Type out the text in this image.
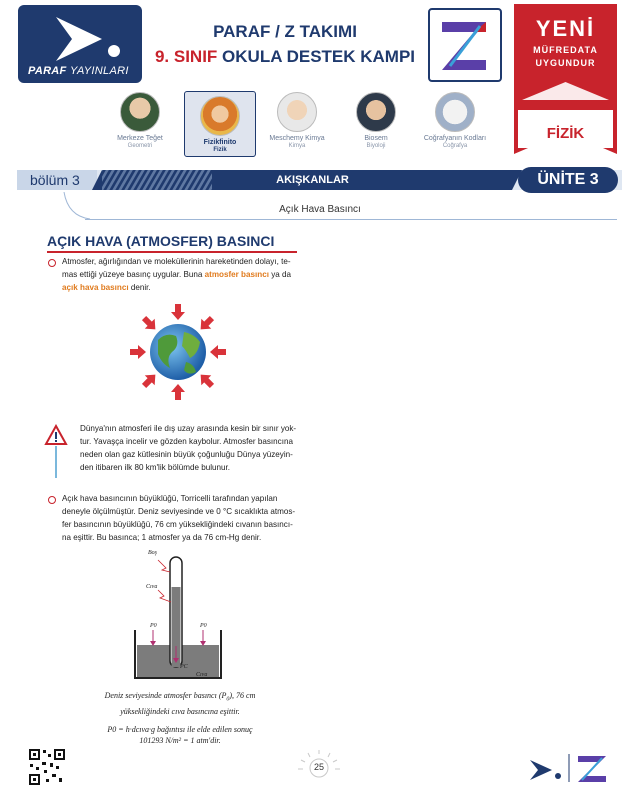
PARAF YAYINLARI
PARAF / Z TAKIMI
9. SINIF OKULA DESTEK KAMPI
YENİ
MÜFREDATA
UYGUNDUR
FİZİK
Merkeze Teğet
Geometri	Fizikfinito
Fizik
Meschemy Kimya
Kimya
Biosem
Biyoloji
Coğrafyanın Kodları
Coğrafya
bölüm 3	AKIŞKANLAR	ÜNİTE 3
Açık Hava Basıncı
AÇIK HAVA (ATMOSFER) BASINCI
Atmosfer, ağırlığından ve moleküllerinin hareketinden dolayı, te-
mas ettiği yüzeye basınç uygular. Buna atmosfer basıncı ya da
açık hava basıncı denir.
Dünya'nın atmosferi ile dış uzay arasında kesin bir sınır yok-
tur. Yavaşça incelir ve gözden kaybolur. Atmosfer basıncına
neden olan gaz kütlesinin büyük çoğunluğu Dünya yüzeyin-
den itibaren ilk 80 km'lik bölümde bulunur.
Açık hava basıncının büyüklüğü, Torricelli tarafından yapılan
deneyle ölçülmüştür. Deniz seviyesinde ve 0 °C sıcaklıkta atmos-
fer basıncının büyüklüğü, 76 cm yüksekliğindeki cıvanın basıncı-
na eşittir. Bu basınca; 1 atmosfer ya da 76 cm-Hg denir.
Boş
Cıva
P0	P0
PC
Cıva
Deniz seviyesinde atmosfer basıncı $(P_0)$, 76 cm
yüksekliğindeki cıva basıncına eşittir.
P0 = h·dcıva·g bağıntısı ile elde edilen sonuç
101293 N/m² = 1 atm'dir.
25
